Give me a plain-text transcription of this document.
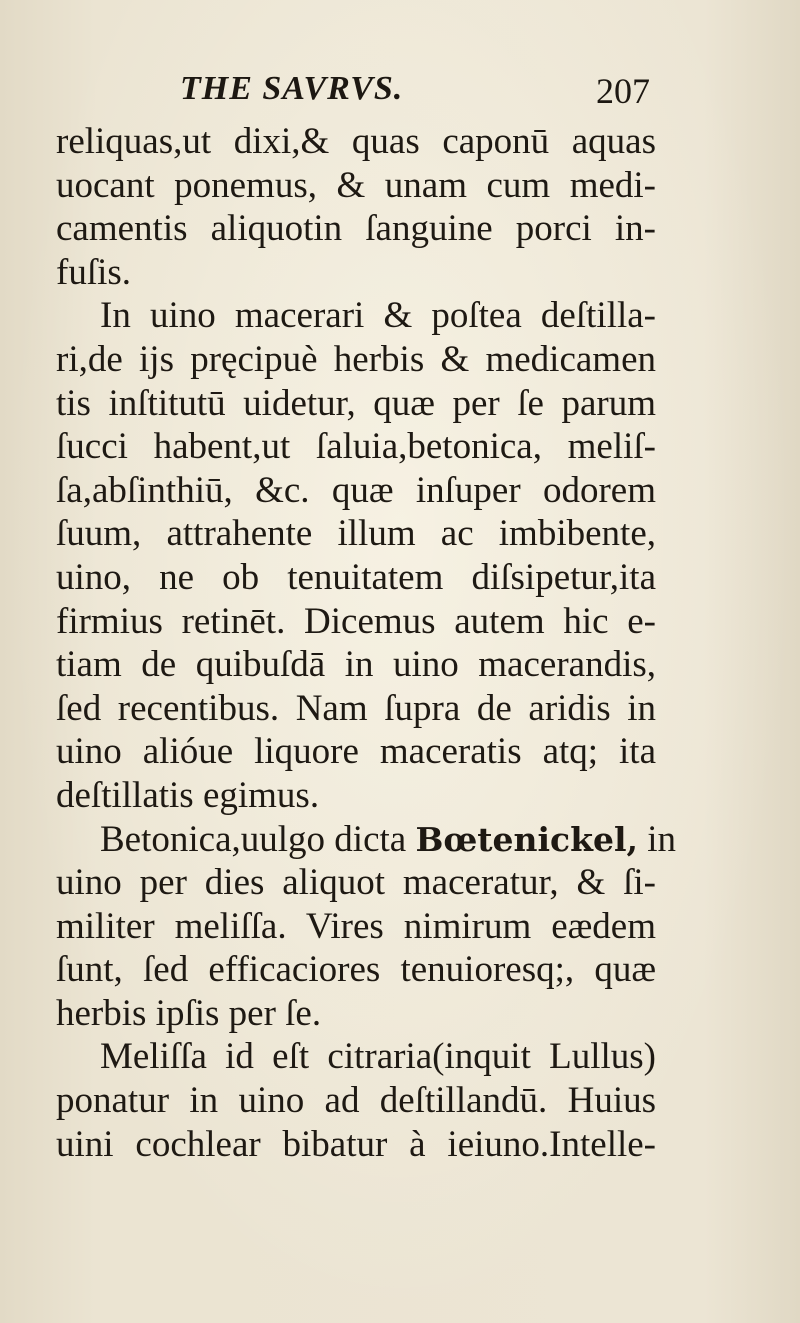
THE SAVRVS.	207
reliquas,ut dixi,& quas caponū aquas
uocant ponemus, & unam cum medi-
camentis aliquotin ſanguine porci in-
fuſis.
In uino macerari & poſtea deſtilla-
ri,de ijs pręcipuè herbis & medicamen
tis inſtitutū uidetur, quæ per ſe parum
ſucci habent,ut ſaluia,betonica, meliſ-
ſa,abſinthiū, &c. quæ inſuper odorem
ſuum, attrahente illum ac imbibente,
uino, ne ob tenuitatem diſsipetur,ita
firmius retinēt. Dicemus autem hic e-
tiam de quibuſdā in uino macerandis,
ſed recentibus. Nam ſupra de aridis in
uino alióue liquore maceratis atq; ita
deſtillatis egimus.
Betonica,uulgo dicta Bœtenickel, in
uino per dies aliquot maceratur, & ſi-
militer meliſſa. Vires nimirum eædem
ſunt, ſed efficaciores tenuioresq;, quæ
herbis ipſis per ſe.
Meliſſa id eſt citraria(inquit Lullus)
ponatur in uino ad deſtillandū. Huius
uini cochlear bibatur à ieiuno.Intelle-
